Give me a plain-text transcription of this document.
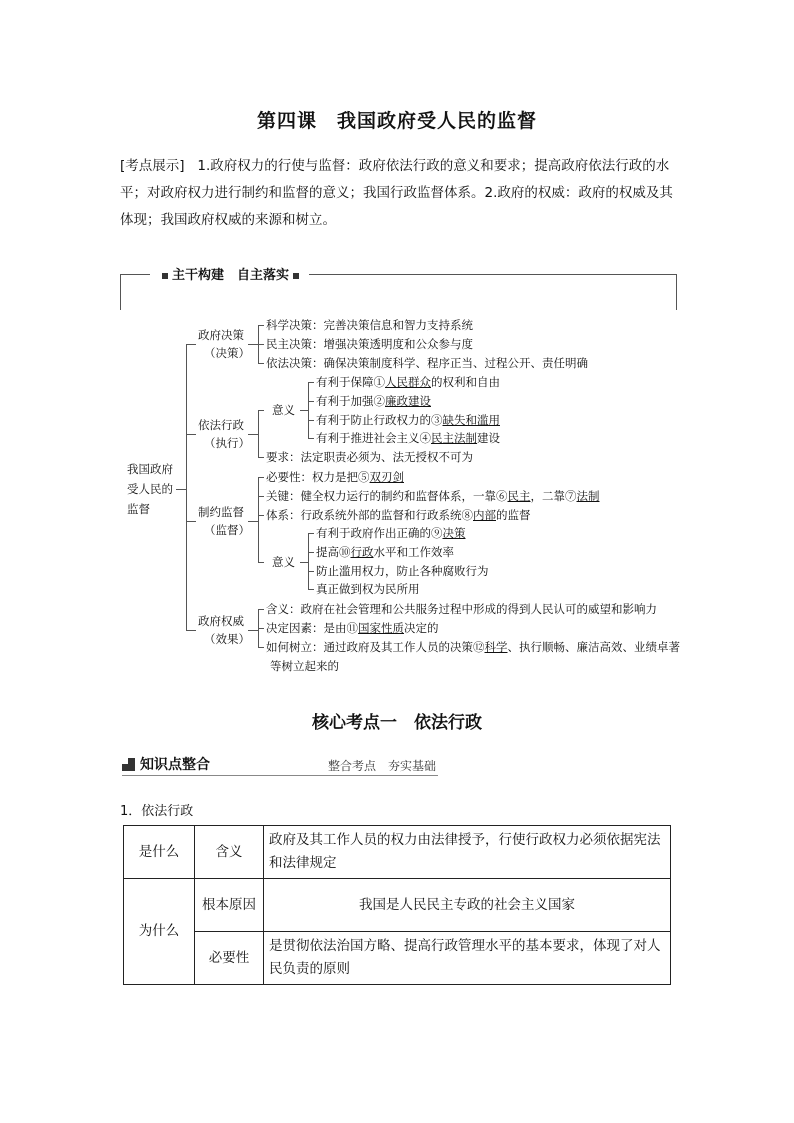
第四课　我国政府受人民的监督
[考点展示] 1.政府权力的行使与监督：政府依法行政的意义和要求；提高政府依法行政的水平；对政府权力进行制约和监督的意义；我国行政监督体系。2.政府的权威：政府的权威及其体现；我国政府权威的来源和树立。
主干构建　自主落实
我国政府
受人民的
监督
政府决策
（决策）
科学决策：完善决策信息和智力支持系统
民主决策：增强决策透明度和公众参与度
依法决策：确保决策制度科学、程序正当、过程公开、责任明确
依法行政
（执行）
意义
有利于保障①人民群众的权利和自由
有利于加强②廉政建设
有利于防止行政权力的③缺失和滥用
有利于推进社会主义④民主法制建设
要求：法定职责必须为、法无授权不可为
制约监督
（监督）
必要性：权力是把⑤双刃剑
关键：健全权力运行的制约和监督体系，一靠⑥民主，二靠⑦法制
体系：行政系统外部的监督和行政系统⑧内部的监督
意义
有利于政府作出正确的⑨决策
提高⑩行政水平和工作效率
防止滥用权力，防止各种腐败行为
真正做到权为民所用
政府权威
（效果）
含义：政府在社会管理和公共服务过程中形成的得到人民认可的威望和影响力
决定因素：是由⑪国家性质决定的
如何树立：通过政府及其工作人员的决策⑫科学、执行顺畅、廉洁高效、业绩卓著
等树立起来的
核心考点一　依法行政
知识点整合	整合考点　夯实基础
1．依法行政
是什么	含义	政府及其工作人员的权力由法律授予，行使行政权力必须依据宪法和法律规定
为什么	根本原因	我国是人民民主专政的社会主义国家
	必要性	是贯彻依法治国方略、提高行政管理水平的基本要求，体现了对人民负责的原则
